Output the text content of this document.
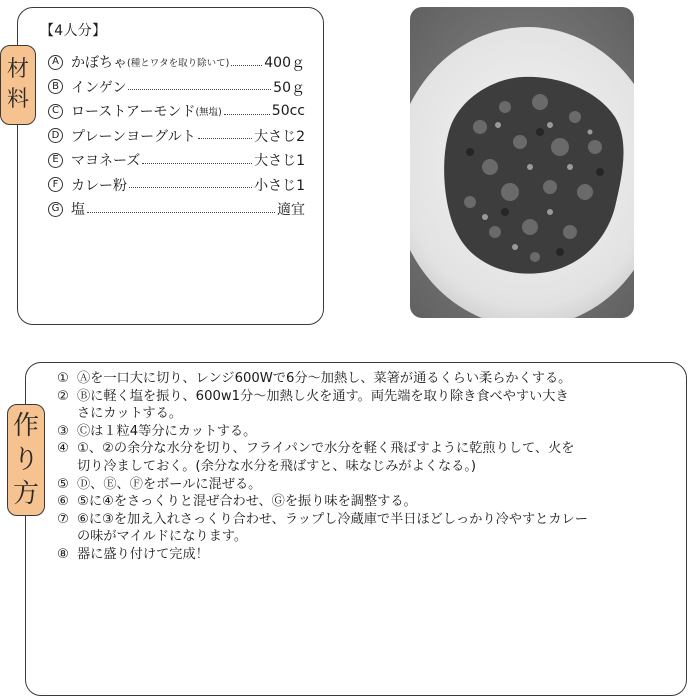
【4人分】
A かぼちゃ (種とワタを取り除いて) 400ｇ
B インゲン	50ｇ
C ローストアーモンド (無塩)	50cc
D プレーンヨーグルト	大さじ2
E マヨネーズ	大さじ1
F カレー粉	小さじ1
G 塩	適宜
材
料
① Ⓐを一口大に切り、レンジ600Wで6分～加熱し、菜箸が通るくらい柔らかくする。
② Ⓑに軽く塩を振り、600w1分～加熱し火を通す。両先端を取り除き食べやすい大き
さにカットする。
③ Ⓒは１粒4等分にカットする。
④ ①、②の余分な水分を切り、フライパンで水分を軽く飛ばすように乾煎りして、火を
切り冷ましておく。(余分な水分を飛ばすと、味なじみがよくなる。)
⑤ Ⓓ、Ⓔ、Ⓕをボールに混ぜる。
⑥ ⑤に④をさっくりと混ぜ合わせ、Ⓖを振り味を調整する。
⑦ ⑥に③を加え入れさっくり合わせ、ラップし冷蔵庫で半日ほどしっかり冷やすとカレー
の味がマイルドになります。
⑧ 器に盛り付けて完成！
作
り
方
